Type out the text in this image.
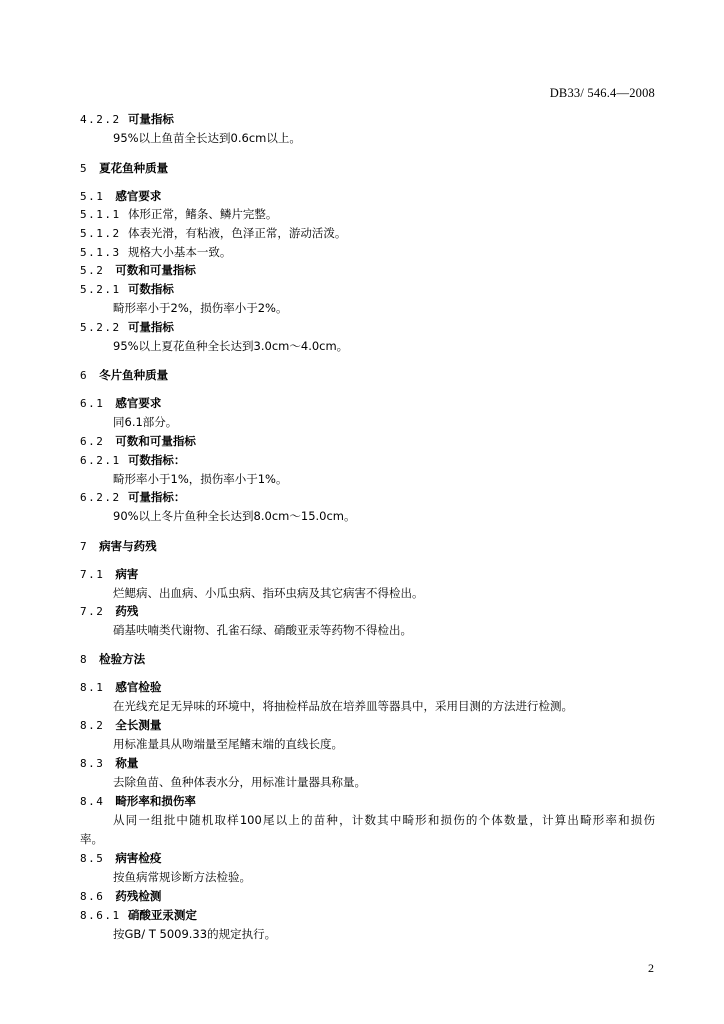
DB33/ 546.4—2008
4.2.2 可量指标
95%以上鱼苗全长达到0.6cm以上。
5 夏花鱼种质量
5.1 感官要求
5.1.1 体形正常，鳍条、鳞片完整。
5.1.2 体表光滑，有粘液，色泽正常，游动活泼。
5.1.3 规格大小基本一致。
5.2 可数和可量指标
5.2.1 可数指标
畸形率小于2%，损伤率小于2%。
5.2.2 可量指标
95%以上夏花鱼种全长达到3.0cm～4.0cm。
6 冬片鱼种质量
6.1 感官要求
同6.1部分。
6.2 可数和可量指标
6.2.1 可数指标：
畸形率小于1%，损伤率小于1%。
6.2.2 可量指标：
90%以上冬片鱼种全长达到8.0cm～15.0cm。
7 病害与药残
7.1 病害
烂鳃病、出血病、小瓜虫病、指环虫病及其它病害不得检出。
7.2 药残
硝基呋喃类代谢物、孔雀石绿、硝酸亚汞等药物不得检出。
8 检验方法
8.1 感官检验
在光线充足无异味的环境中，将抽检样品放在培养皿等器具中，采用目测的方法进行检测。
8.2 全长测量
用标准量具从吻端量至尾鳍末端的直线长度。
8.3 称量
去除鱼苗、鱼种体表水分，用标准计量器具称量。
8.4 畸形率和损伤率
从同一组批中随机取样100尾以上的苗种，计数其中畸形和损伤的个体数量，计算出畸形率和损伤
率。
8.5 病害检疫
按鱼病常规诊断方法检验。
8.6 药残检测
8.6.1 硝酸亚汞测定
按GB/ T 5009.33的规定执行。
2
